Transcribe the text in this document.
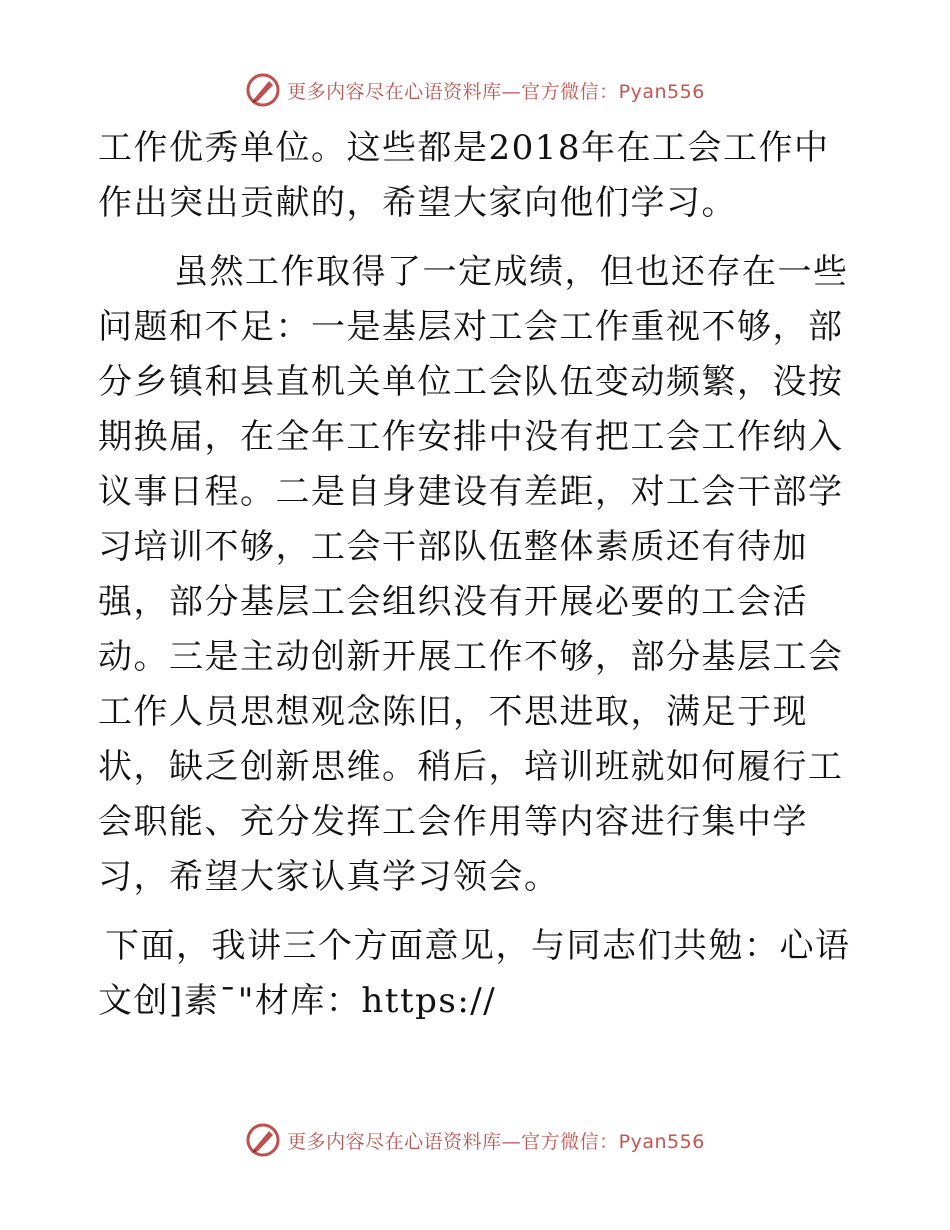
更多内容尽在心语资料库—官方微信：Pyan556

工作优秀单位。这些都是2018年在工会工作中作出突出贡献的，希望大家向他们学习。

虽然工作取得了一定成绩，但也还存在一些问题和不足：一是基层对工会工作重视不够，部分乡镇和县直机关单位工会队伍变动频繁，没按期换届，在全年工作安排中没有把工会工作纳入议事日程。二是自身建设有差距，对工会干部学习培训不够，工会干部队伍整体素质还有待加强，部分基层工会组织没有开展必要的工会活动。三是主动创新开展工作不够，部分基层工会工作人员思想观念陈旧，不思进取，满足于现状，缺乏创新思维。稍后，培训班就如何履行工会职能、充分发挥工会作用等内容进行集中学习，希望大家认真学习领会。

下面，我讲三个方面意见，与同志们共勉：心语文创]素¯"材库：https://

更多内容尽在心语资料库—官方微信：Pyan556
